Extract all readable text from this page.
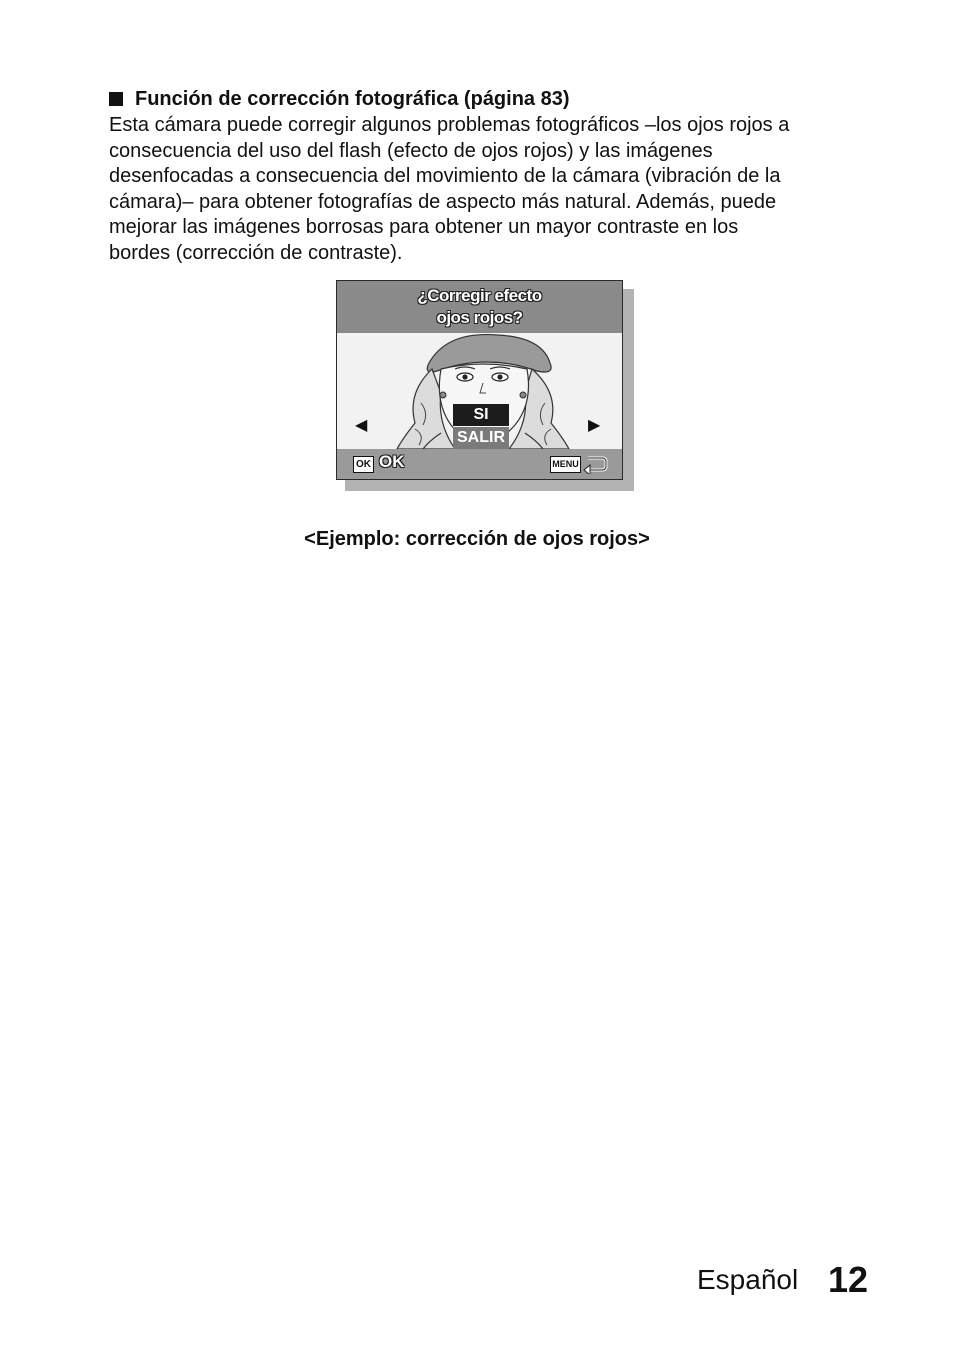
Función de corrección fotográfica (página 83)
Esta cámara puede corregir algunos problemas fotográficos –los ojos rojos a
consecuencia del uso del flash (efecto de ojos rojos) y las imágenes
desenfocadas a consecuencia del movimiento de la cámara (vibración de la
cámara)– para obtener fotografías de aspecto más natural. Además, puede
mejorar las imágenes borrosas para obtener un mayor contraste en los
bordes (corrección de contraste).
¿Corregir efecto
ojos rojos?
◀	▶
SI
SALIR
OK OK	MENU
<Ejemplo: corrección de ojos rojos>
Español 12
